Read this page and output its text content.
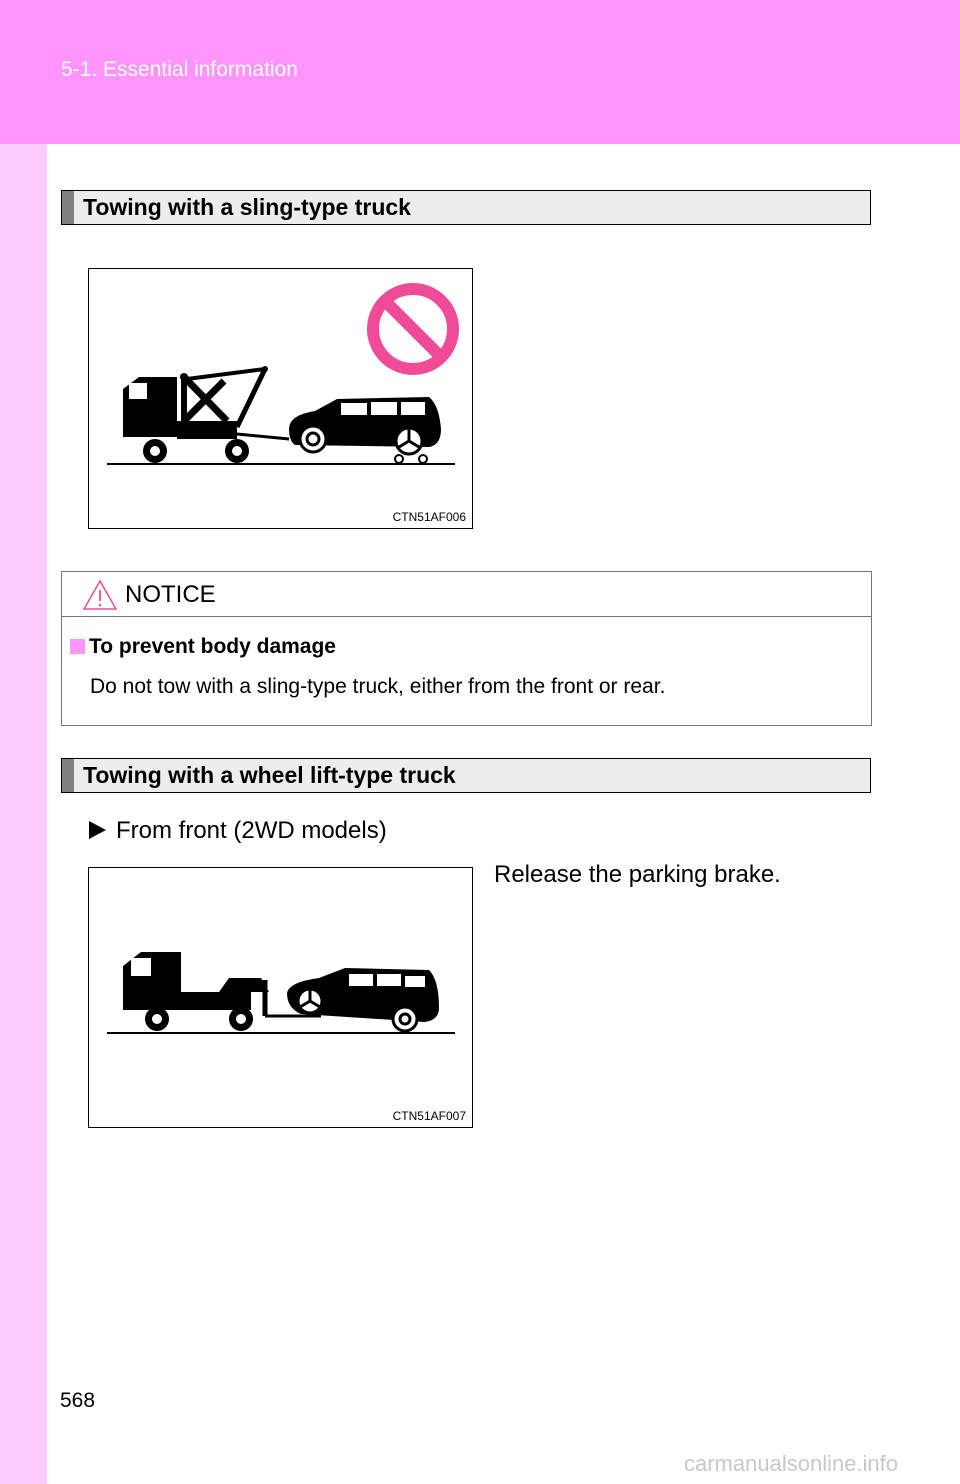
5-1. Essential information
Towing with a sling-type truck
CTN51AF006
NOTICE
To prevent body damage
Do not tow with a sling-type truck, either from the front or rear.
Towing with a wheel lift-type truck
From front (2WD models)
Release the parking brake.
CTN51AF007
568
carmanualsonline.info
